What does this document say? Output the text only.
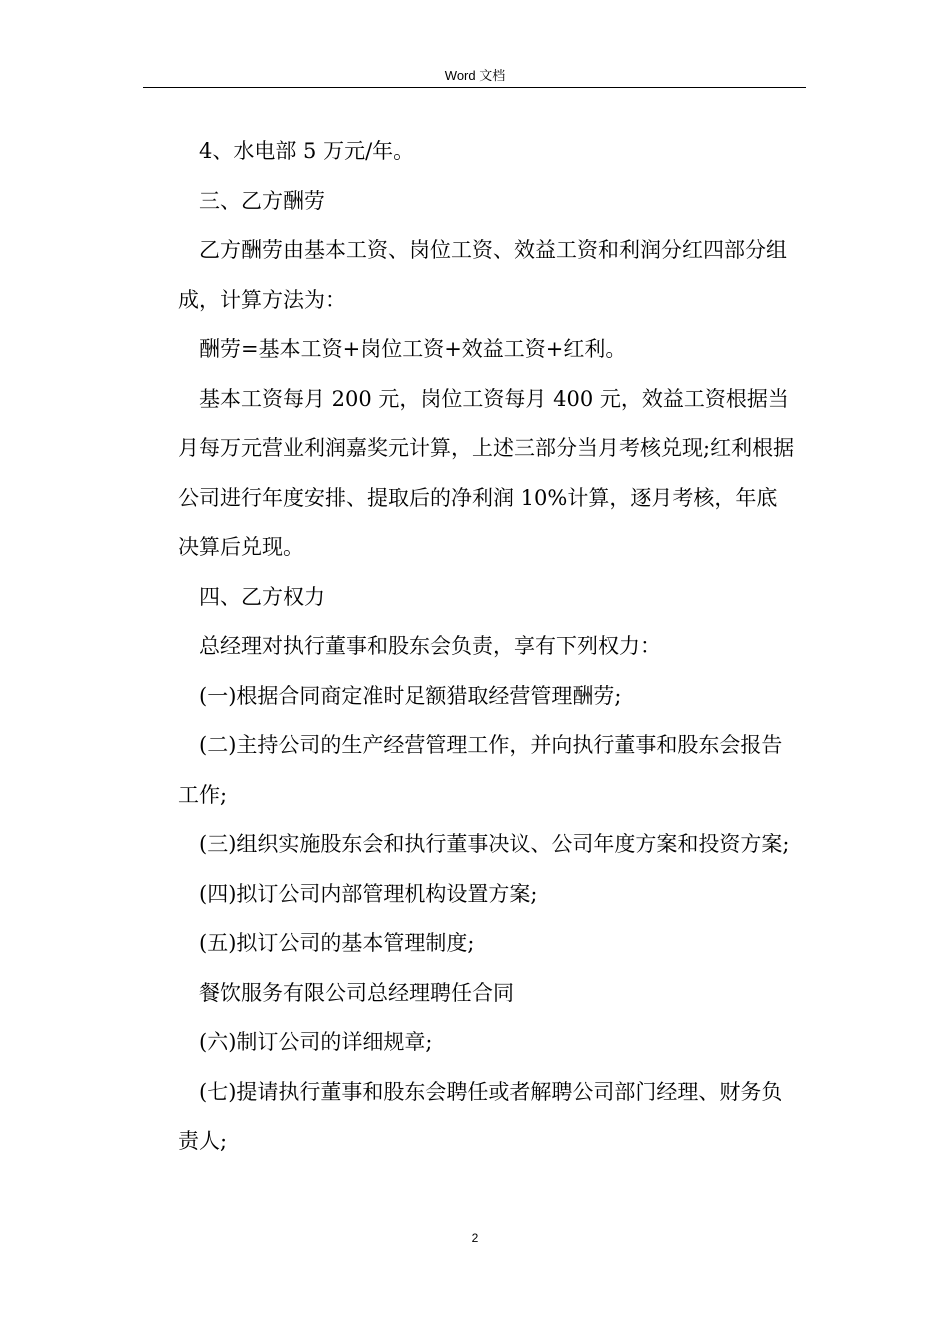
Word 文档

4、水电部 5 万元/年。

三、乙方酬劳

乙方酬劳由基本工资、岗位工资、效益工资和利润分红四部分组成，计算方法为：

酬劳=基本工资+岗位工资+效益工资+红利。

基本工资每月 200 元，岗位工资每月 400 元，效益工资根据当月每万元营业利润嘉奖元计算，上述三部分当月考核兑现;红利根据公司进行年度安排、提取后的净利润 10%计算，逐月考核，年底决算后兑现。

四、乙方权力

总经理对执行董事和股东会负责，享有下列权力：

(一)根据合同商定准时足额猎取经营管理酬劳;

(二)主持公司的生产经营管理工作，并向执行董事和股东会报告工作;

(三)组织实施股东会和执行董事决议、公司年度方案和投资方案;

(四)拟订公司内部管理机构设置方案;

(五)拟订公司的基本管理制度;

餐饮服务有限公司总经理聘任合同

(六)制订公司的详细规章;

(七)提请执行董事和股东会聘任或者解聘公司部门经理、财务负责人;

2
